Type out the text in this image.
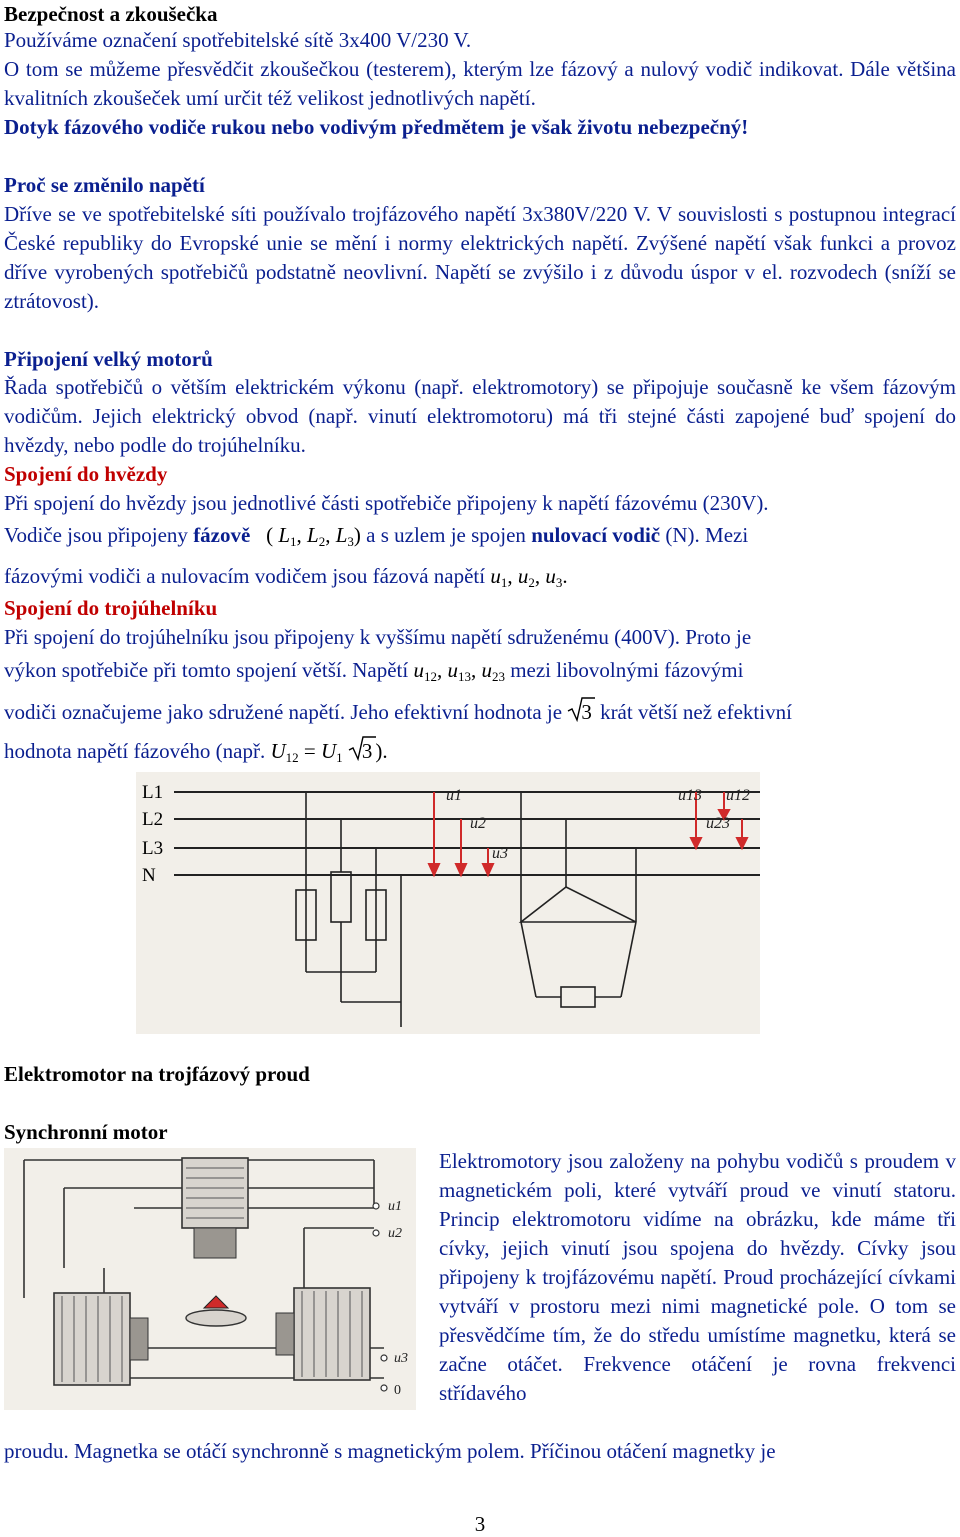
Bezpečnost a zkoušečka
Používáme označení spotřebitelské sítě 3x400 V/230 V.
O tom se můžeme přesvědčit zkoušečkou (testerem), kterým lze fázový a nulový vodič indikovat. Dále většina kvalitních zkoušeček umí určit též velikost jednotlivých napětí.
Dotyk fázového vodiče rukou nebo vodivým předmětem je však životu nebezpečný!
Proč se změnilo napětí
Dříve se ve spotřebitelské síti používalo trojfázového napětí 3x380V/220 V. V souvislosti s postupnou integrací České republiky do Evropské unie se mění i normy elektrických napětí. Zvýšené napětí však funkci a provoz dříve vyrobených spotřebičů podstatně neovlivní. Napětí se zvýšilo i z důvodu úspor v el. rozvodech (sníží se ztrátovost).
Připojení velký motorů
Řada spotřebičů o větším elektrickém výkonu (např. elektromotory) se připojuje současně ke všem fázovým vodičům. Jejich elektrický obvod (např. vinutí elektromotoru) má tři stejné části zapojené buď spojení do hvězdy, nebo podle do trojúhelníku.
Spojení do hvězdy
Při spojení do hvězdy jsou jednotlivé části spotřebiče připojeny k napětí fázovému (230V).
Vodiče jsou připojeny fázově ( $L_1$, $L_2$, $L_3$) a s uzlem je spojen nulovací vodič (N). Mezi
fázovými vodiči a nulovacím vodičem jsou fázová napětí $u_1$, $u_2$, $u_3$.
Spojení do trojúhelníku
Při spojení do trojúhelníku jsou připojeny k vyššímu napětí sdruženému (400V). Proto je
výkon spotřebiče při tomto spojení větší. Napětí $u_{12}$, $u_{13}$, $u_{23}$ mezi libovolnými fázovými
vodiči označujeme jako sdružené napětí. Jeho efektivní hodnota je
3 krát větší než efektivní
hodnota napětí fázového (např. $U_{12} = U_1$ 3 ).
L1
L2
L3
N
u1
u2
u3
u13 u12
u23
Elektromotor na trojfázový proud
Synchronní motor
u1
u2
u3
0
Elektromotory jsou založeny na pohybu vodičů s proudem v magnetickém poli, které vytváří proud ve vinutí statoru. Princip elektromotoru vidíme na obrázku, kde máme tři cívky, jejich vinutí jsou spojena do hvězdy. Cívky jsou připojeny k trojfázovému napětí. Proud procházející cívkami vytváří v prostoru mezi nimi magnetické pole. O tom se přesvědčíme tím, že do středu umístíme magnetku, která se začne otáčet. Frekvence otáčení je rovna frekvenci střídavého
proudu. Magnetka se otáčí synchronně s magnetickým polem. Příčinou otáčení magnetky je
3
